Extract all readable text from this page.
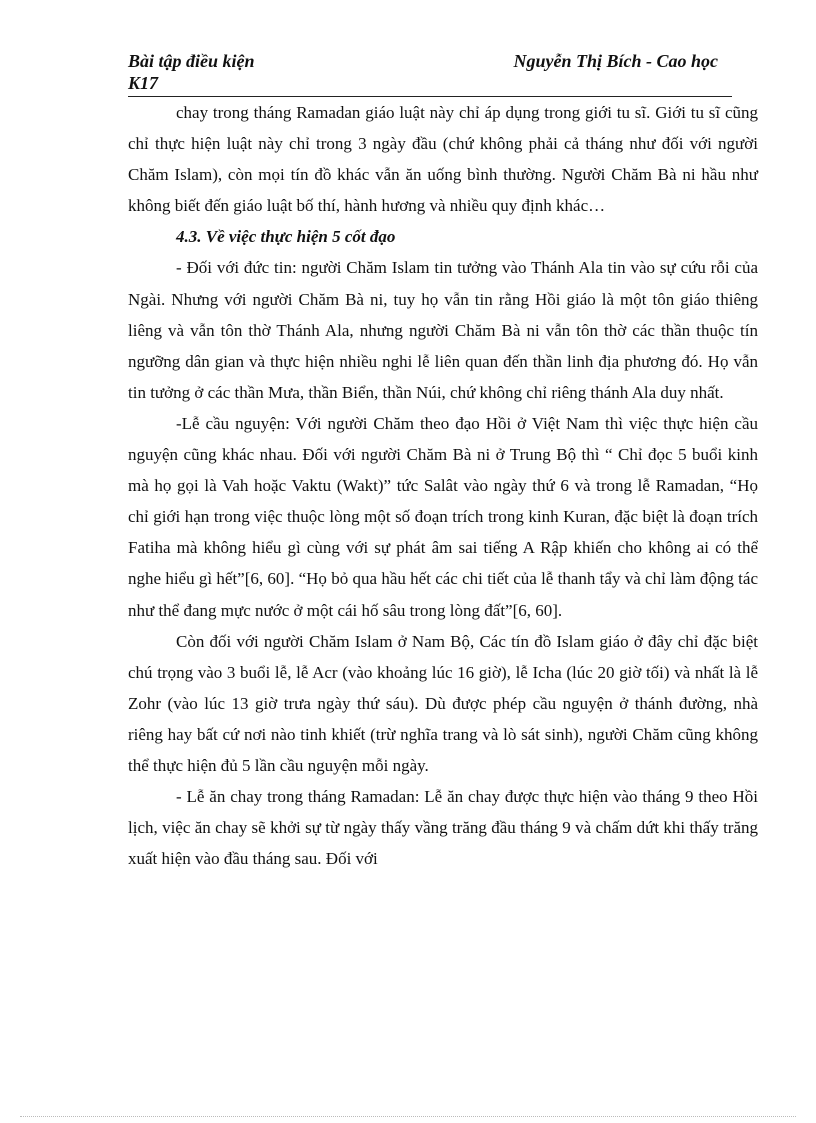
Bài tập điều kiện	Nguyễn Thị Bích - Cao học
K17

chay trong tháng Ramadan giáo luật này chỉ áp dụng trong giới tu sĩ. Giới tu sĩ cũng chỉ thực hiện luật này chỉ trong 3 ngày đầu (chứ không phải cả tháng như đối với người Chăm Islam), còn mọi tín đồ khác vẫn ăn uống bình thường. Người Chăm Bà ni hầu như không biết đến giáo luật bố thí, hành hương và nhiều quy định khác…

4.3. Về việc thực hiện 5 cốt đạo

- Đối với đức tin: người Chăm Islam tin tưởng vào Thánh Ala tin vào sự cứu rỗi của Ngài. Nhưng với người Chăm Bà ni, tuy họ vẫn tin rằng Hồi giáo là một tôn giáo thiêng liêng và vẫn tôn thờ Thánh Ala, nhưng người Chăm Bà ni vẫn tôn thờ các thần thuộc tín ngưỡng dân gian và thực hiện nhiều nghi lễ liên quan đến thần linh địa phương đó. Họ vẫn tin tưởng ở các thần Mưa, thần Biển, thần Núi, chứ không chỉ riêng thánh Ala duy nhất.

-Lễ cầu nguyện: Với người Chăm theo đạo Hồi ở Việt Nam thì việc thực hiện cầu nguyện cũng khác nhau. Đối với người Chăm Bà ni ở Trung Bộ thì “ Chỉ đọc 5 buổi kinh mà họ gọi là Vah hoặc Vaktu (Wakt)” tức Salât vào ngày thứ 6 và trong lễ Ramadan, “Họ chỉ giới hạn trong việc thuộc lòng một số đoạn trích trong kinh Kuran, đặc biệt là đoạn trích Fatiha mà không hiểu gì cùng với sự phát âm sai tiếng A Rập khiến cho không ai có thể nghe hiểu gì hết”[6, 60]. “Họ bỏ qua hầu hết các chi tiết của lễ thanh tẩy và chỉ làm động tác như thể đang mực nước ở một cái hố sâu trong lòng đất”[6, 60].

Còn đối với người Chăm Islam ở Nam Bộ, Các tín đồ Islam giáo ở đây chỉ đặc biệt chú trọng vào 3 buổi lễ, lễ Acr (vào khoảng lúc 16 giờ), lễ Icha (lúc 20 giờ tối) và nhất là lễ Zohr (vào lúc 13 giờ trưa ngày thứ sáu). Dù được phép cầu nguyện ở thánh đường, nhà riêng hay bất cứ nơi nào tinh khiết (trừ nghĩa trang và lò sát sinh), người Chăm cũng không thể thực hiện đủ 5 lần cầu nguyện mỗi ngày.

- Lễ ăn chay trong tháng Ramadan: Lễ ăn chay được thực hiện vào tháng 9 theo Hồi lịch, việc ăn chay sẽ khởi sự từ ngày thấy vầng trăng đầu tháng 9 và chấm dứt khi thấy trăng xuất hiện vào đầu tháng sau. Đối với
